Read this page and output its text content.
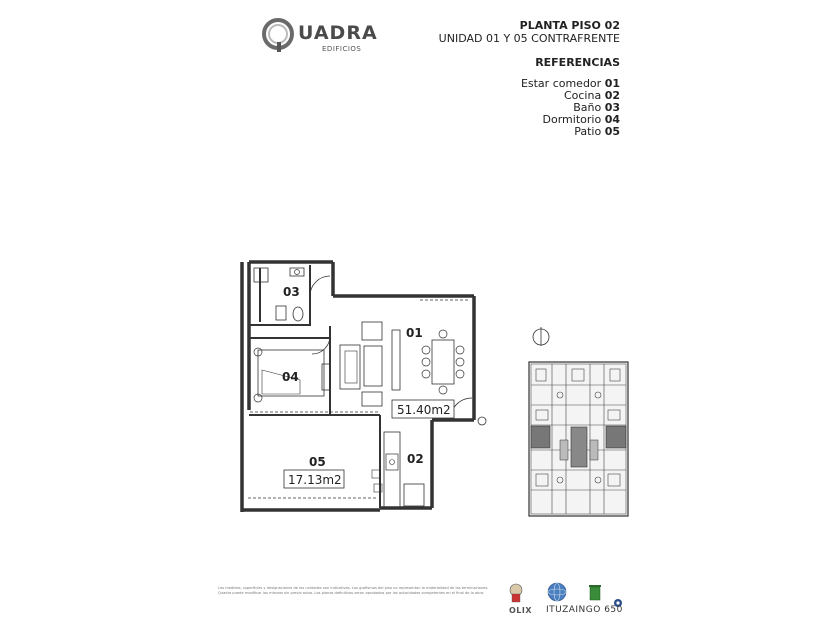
UADRA
EDIFICIOS
PLANTA PISO 02
UNIDAD 01 Y 05 CONTRAFRENTE
REFERENCIAS
Estar comedor 01
Cocina 02
Baño 03
Dormitorio 04
Patio 05
03
01
04
05	02
51.40m2
17.13m2
Las medidas, superficies y designaciones de las unidades son indicativas. Los grafismos del piso no representan la materialidad de las terminaciones. Quadra puede modificar los mismos sin previo aviso. Los planos definitivos seran aprobados por las autoridades competentes en el final de la obra.
OLIX ITUZAINGO 650
